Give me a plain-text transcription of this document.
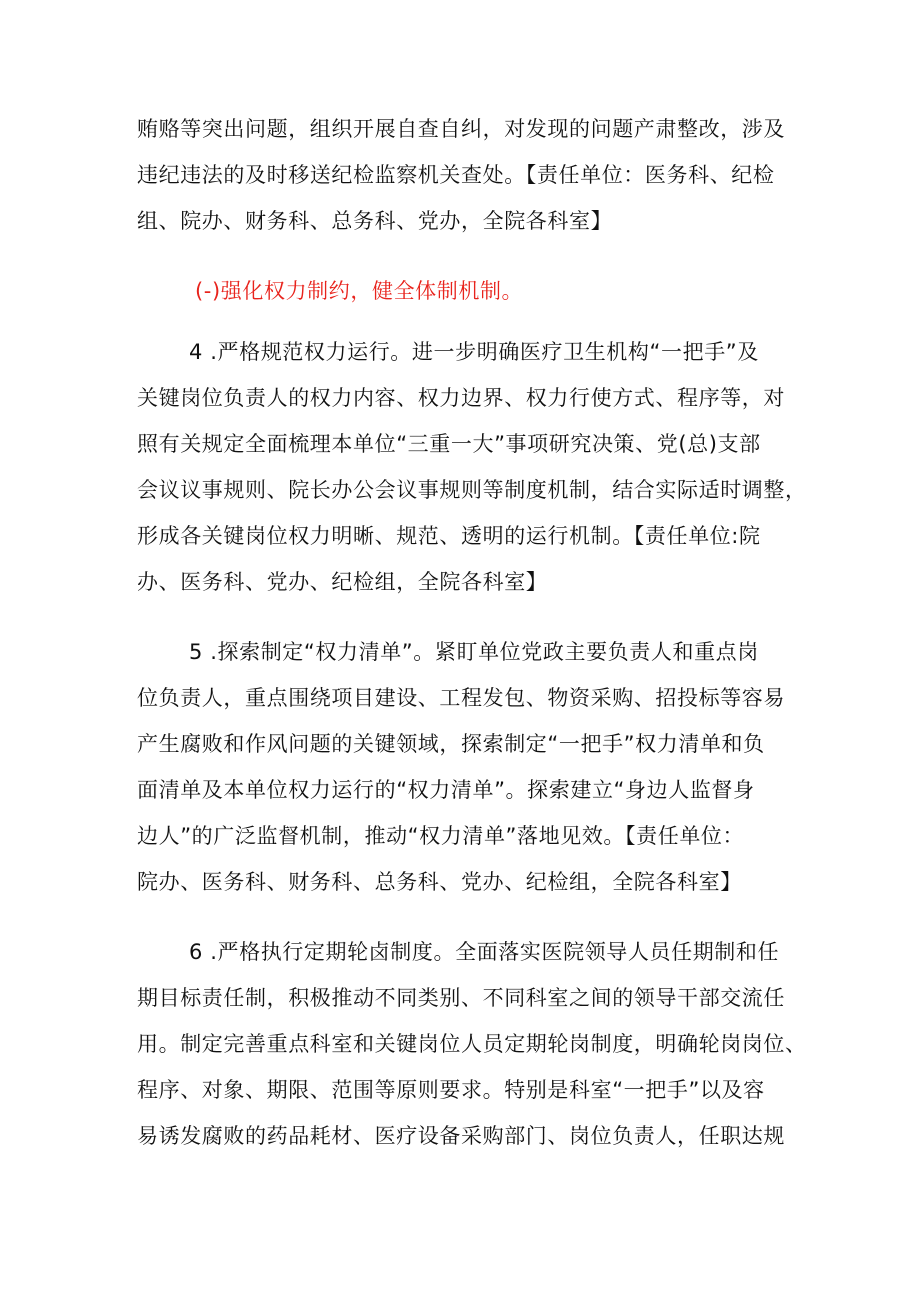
贿赂等突出问题，组织开展自查自纠，对发现的问题产肃整改，涉及
违纪违法的及时移送纪检监察机关查处。【责任单位：医务科、纪检
组、院办、财务科、总务科、党办，全院各科室】
(-)强化权力制约，健全体制机制。
4 .严格规范权力运行。进一步明确医疗卫生机构“一把手”及
关键岗位负责人的权力内容、权力边界、权力行使方式、程序等，对
照有关规定全面梳理本单位“三重一大”事项研究决策、党(总)支部
会议议事规则、院长办公会议事规则等制度机制，结合实际适时调整，
形成各关键岗位权力明晰、规范、透明的运行机制。【责任单位:院
办、医务科、党办、纪检组，全院各科室】
5 .探索制定“权力清单”。紧盯单位党政主要负责人和重点岗
位负责人，重点围绕项目建设、工程发包、物资采购、招投标等容易
产生腐败和作风问题的关键领域，探索制定“一把手”权力清单和负
面清单及本单位权力运行的“权力清单”。探索建立“身边人监督身
边人”的广泛监督机制，推动“权力清单”落地见效。【责任单位：
院办、医务科、财务科、总务科、党办、纪检组，全院各科室】
6 .严格执行定期轮卤制度。全面落实医院领导人员任期制和任
期目标责任制，积极推动不同类别、不同科室之间的领导干部交流任
用。制定完善重点科室和关键岗位人员定期轮岗制度，明确轮岗岗位、
程序、对象、期限、范围等原则要求。特别是科室“一把手”以及容
易诱发腐败的药品耗材、医疗设备采购部门、岗位负责人，任职达规
